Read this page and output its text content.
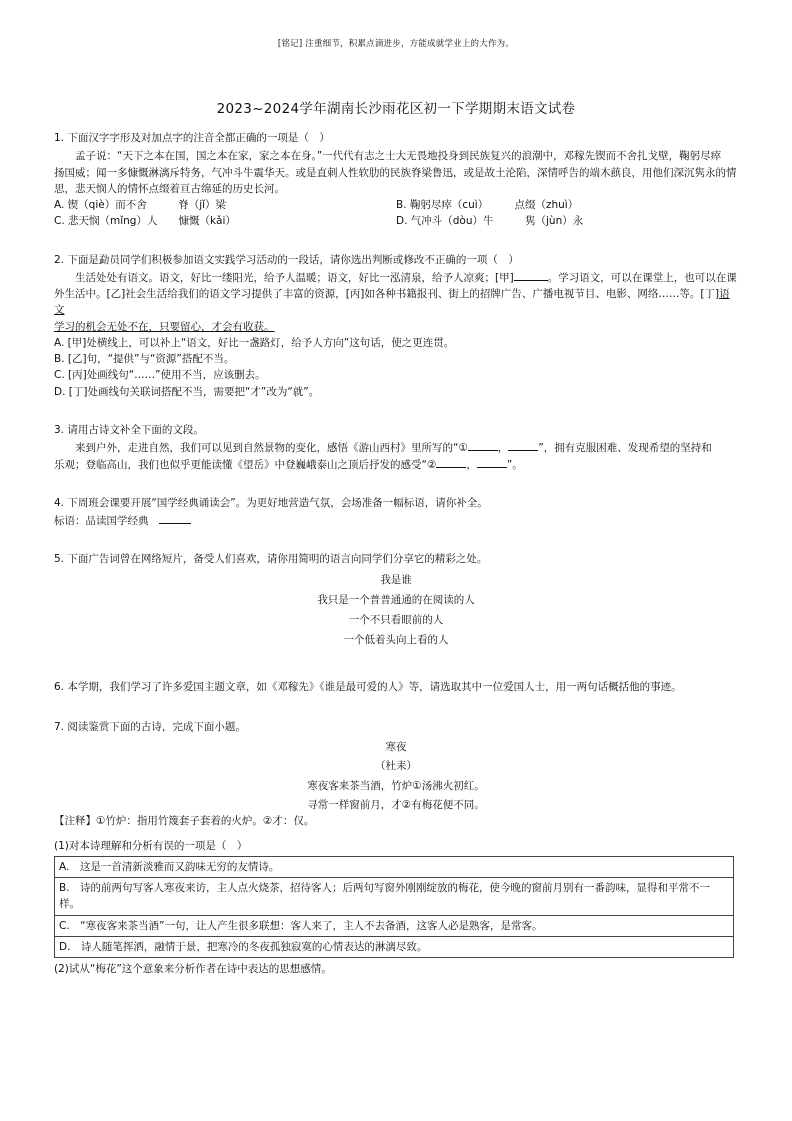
[铭记] 注重细节，积累点滴进步，方能成就学业上的大作为。
2023~2024学年湖南长沙雨花区初一下学期期末语文试卷

1. 下面汉字字形及对加点字的注音全都正确的一项是（　）

孟子说：“天下之本在国，国之本在家，家之本在身。”一代代有志之士大无畏地投身到民族复兴的浪潮中，邓稼先锲而不舍扎戈壁，鞠躬尽瘁

扬国威；闻一多慷慨淋漓斥特务，气冲斗牛震华天。或是直刺人性软肋的民族脊梁鲁迅，或是故土沦陷，深情呼告的端木蕻良，用他们深沉隽永的情

思，悲天悯人的情怀点缀着亘古绵延的历史长河。

A. 锲（qiè）而不舍　　　脊（jǐ）梁	B. 鞠躬尽瘁（cuì）　　　点缀（zhuì）
C. 悲天悯（mǐng）人　　慷慨（kǎi）	D. 气冲斗（dòu）牛　　　隽（jùn）永

2. 下面是勐员同学们积极参加语文实践学习活动的一段话，请你选出判断或修改不正确的一项（　）

生活处处有语文。语文，好比一缕阳光，给予人温暖；语文，好比一泓清泉，给予人凉爽；[甲]	。学习语文，可以在课堂上，也可以在课

外生活中。[乙]社会生活给我们的语文学习提供了丰富的资源，[丙]如各种书籍报刊、街上的招牌广告、广播电视节目、电影、网络……等。[丁]语文

学习的机会无处不在，只要留心，才会有收获。

A. [甲]处横线上，可以补上“语文，好比一盏路灯，给予人方向”这句话，使之更连贯。

B. [乙]句，“提供”与“资源”搭配不当。

C. [丙]处画线句“……”使用不当，应该删去。

D. [丁]处画线句关联词搭配不当，需要把“才”改为“就”。

3. 请用古诗文补全下面的文段。

来到户外，走进自然，我们可以见到自然景物的变化，感悟《游山西村》里所写的“①	，	”，拥有克服困难、发现希望的坚持和

乐观；登临高山，我们也似乎更能读懂《望岳》中登巍峨泰山之顶后抒发的感受“②	，	”。

4. 下周班会课要开展“国学经典诵读会”。为更好地营造气氛，会场准备一幅标语，请你补全。

标语：品读国学经典　

5. 下面广告词曾在网络短片，备受人们喜欢，请你用简明的语言向同学们分享它的精彩之处。

我是谁

我只是一个普普通通的在阅读的人

一个不只看眼前的人

一个低着头向上看的人

6. 本学期，我们学习了许多爱国主题文章，如《邓稼先》《谁是最可爱的人》等，请选取其中一位爱国人士，用一两句话概括他的事迹。

7. 阅读鉴赏下面的古诗，完成下面小题。

寒夜

（杜耒）

寒夜客来茶当酒，竹炉①汤沸火初红。

寻常一样窗前月，才②有梅花便不同。

【注释】①竹炉：指用竹篾套子套着的火炉。②才：仅。

(1)对本诗理解和分析有误的一项是（　）

A.　这是一首清新淡雅而又韵味无穷的友情诗。
B.　诗的前两句写客人寒夜来访，主人点火烧茶，招待客人；后两句写窗外刚刚绽放的梅花，使今晚的窗前月别有一番韵味，显得和平常不一样。
C.　“寒夜客来茶当酒”一句，让人产生很多联想：客人来了，主人不去备酒，这客人必是熟客，是常客。
D.　诗人随笔挥洒，融情于景，把寒冷的冬夜孤独寂寞的心情表达的淋漓尽致。

(2)试从“梅花”这个意象来分析作者在诗中表达的思想感情。
